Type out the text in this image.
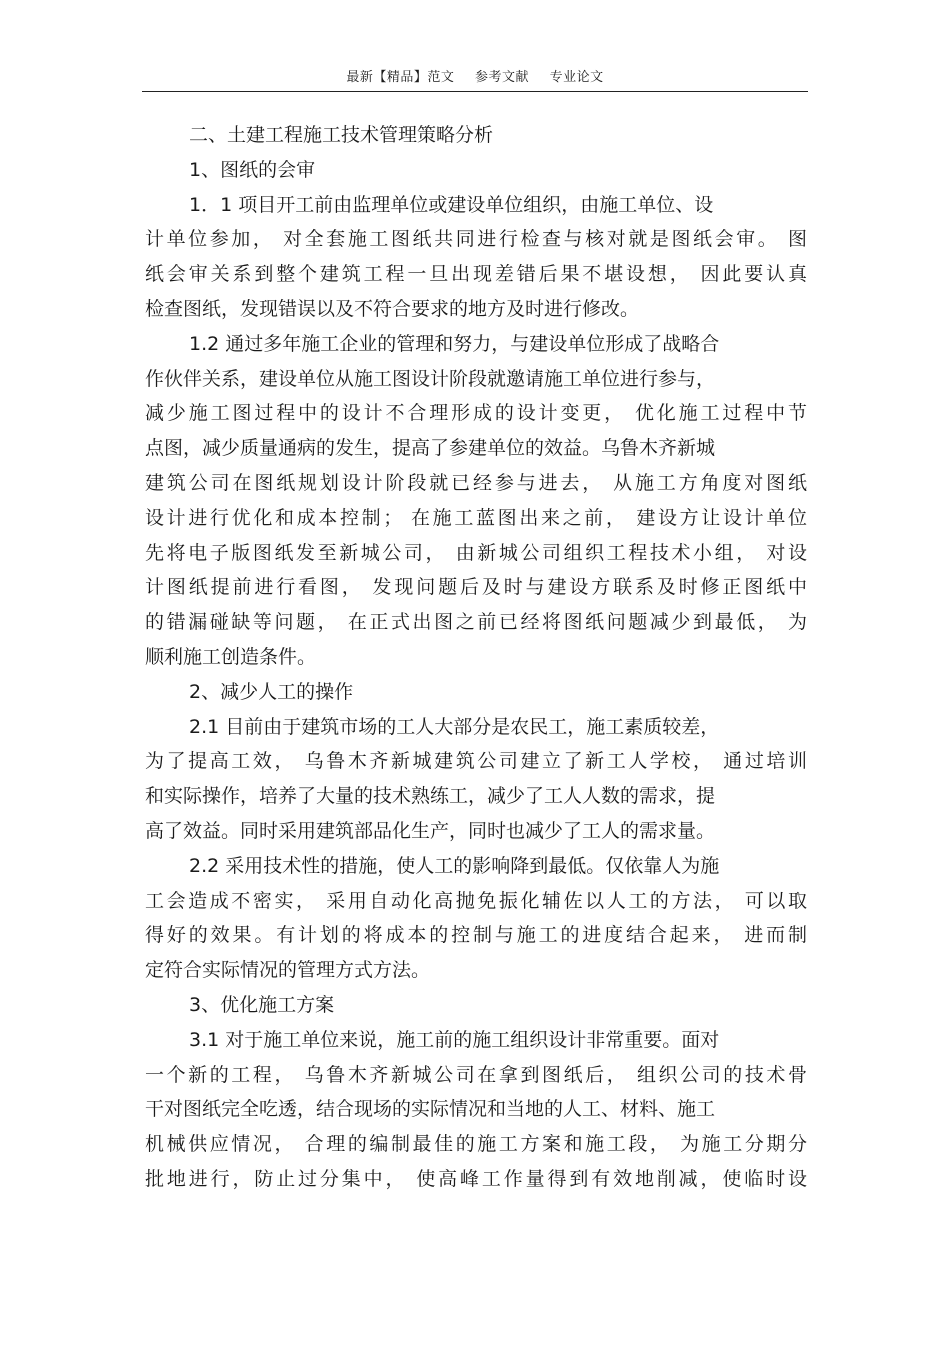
最新【精品】范文 参考文献 专业论文
二、土建工程施工技术管理策略分析
1、图纸的会审
1．1 项目开工前由监理单位或建设单位组织，由施工单位、设
计单位参加， 对全套施工图纸共同进行检查与核对就是图纸会审。 图
纸会审关系到整个建筑工程一旦出现差错后果不堪设想， 因此要认真
检查图纸，发现错误以及不符合要求的地方及时进行修改。
1.2 通过多年施工企业的管理和努力，与建设单位形成了战略合
作伙伴关系，建设单位从施工图设计阶段就邀请施工单位进行参与，
减少施工图过程中的设计不合理形成的设计变更， 优化施工过程中节
点图，减少质量通病的发生，提高了参建单位的效益。乌鲁木齐新城
建筑公司在图纸规划设计阶段就已经参与进去， 从施工方角度对图纸
设计进行优化和成本控制； 在施工蓝图出来之前， 建设方让设计单位
先将电子版图纸发至新城公司， 由新城公司组织工程技术小组， 对设
计图纸提前进行看图， 发现问题后及时与建设方联系及时修正图纸中
的错漏碰缺等问题， 在正式出图之前已经将图纸问题减少到最低， 为
顺利施工创造条件。
2、减少人工的操作
2.1 目前由于建筑市场的工人大部分是农民工，施工素质较差，
为了提高工效， 乌鲁木齐新城建筑公司建立了新工人学校， 通过培训
和实际操作，培养了大量的技术熟练工，减少了工人人数的需求，提
高了效益。同时采用建筑部品化生产，同时也减少了工人的需求量。
2.2 采用技术性的措施，使人工的影响降到最低。仅依靠人为施
工会造成不密实， 采用自动化高抛免振化辅佐以人工的方法， 可以取
得好的效果。有计划的将成本的控制与施工的进度结合起来， 进而制
定符合实际情况的管理方式方法。
3、优化施工方案
3.1 对于施工单位来说，施工前的施工组织设计非常重要。面对
一个新的工程， 乌鲁木齐新城公司在拿到图纸后， 组织公司的技术骨
干对图纸完全吃透，结合现场的实际情况和当地的人工、材料、施工
机械供应情况， 合理的编制最佳的施工方案和施工段， 为施工分期分
批地进行，防止过分集中， 使高峰工作量得到有效地削减，使临时设
